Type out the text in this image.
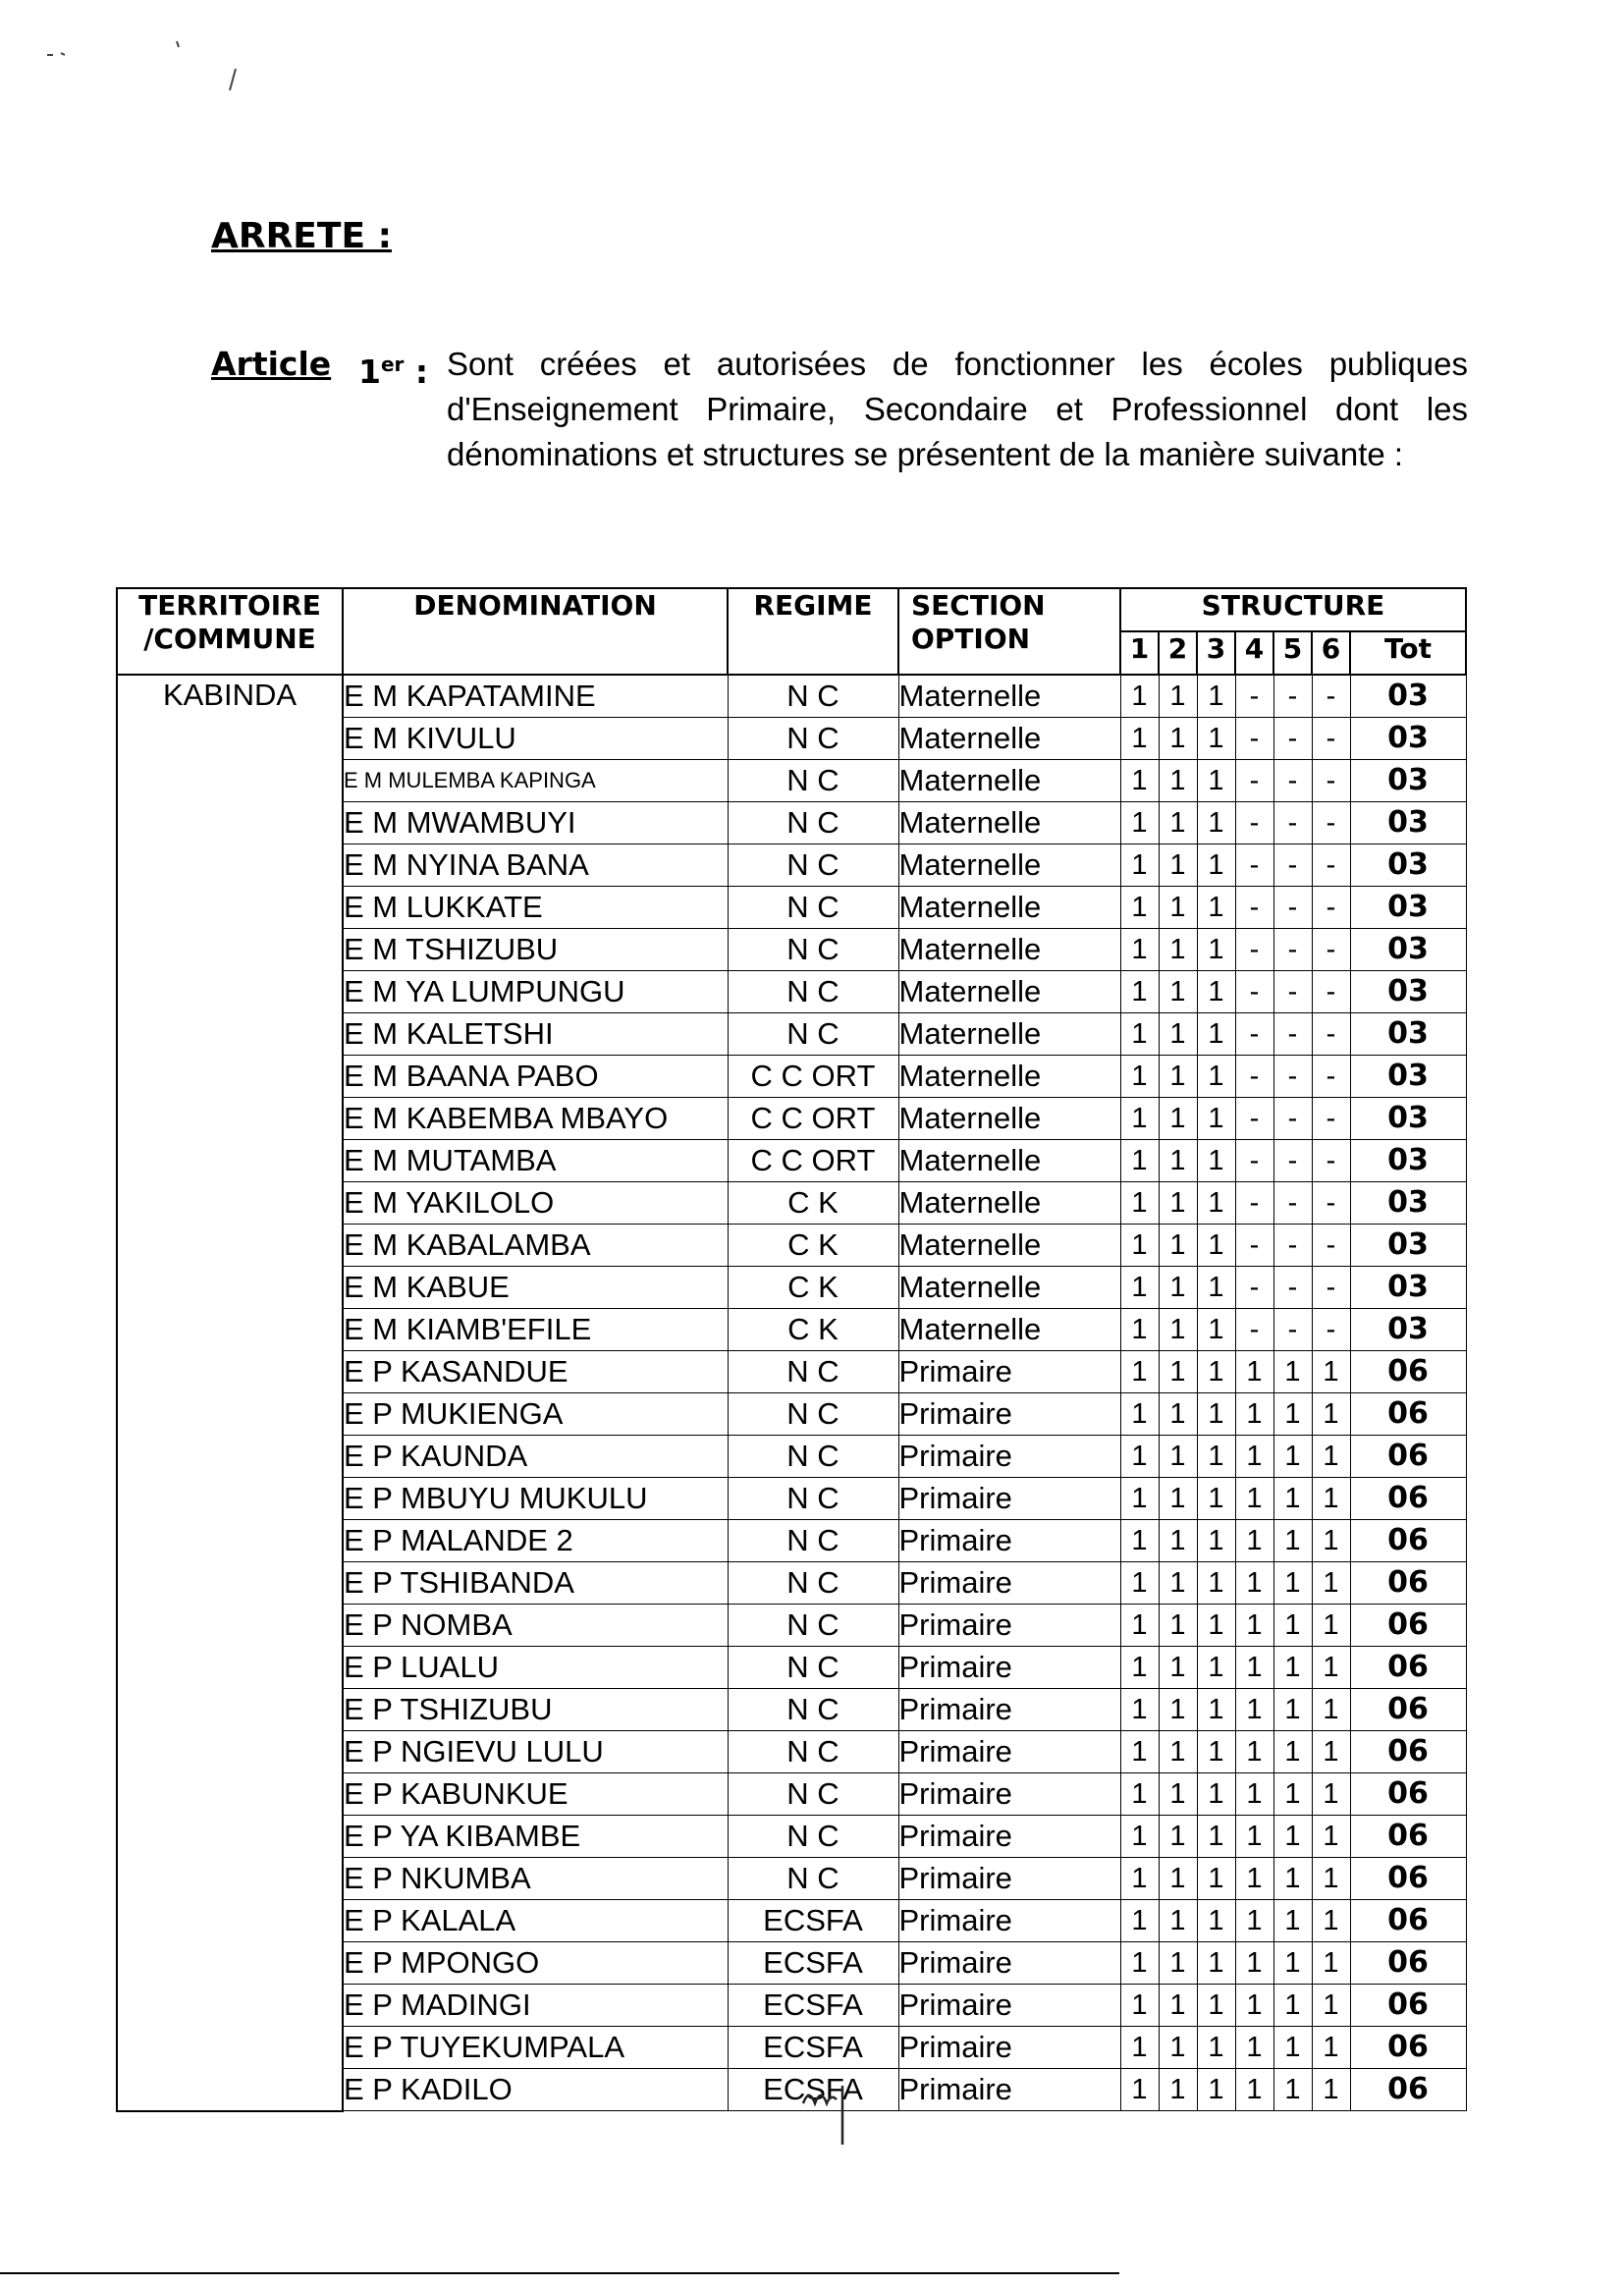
ARRETE :
Article 1er : Sont créées et autorisées de fonctionner les écoles publiques d'Enseignement Primaire, Secondaire et Professionnel dont les dénominations et structures se présentent de la manière suivante :
TERRITOIRE /COMMUNE	DENOMINATION	REGIME	SECTION OPTION	STRUCTURE						
				1	2	3	4	5	6	Tot
KABINDA	E M KAPATAMINE	N C	Maternelle	1	1	1	-	-	-	03
	E M KIVULU	N C	Maternelle	1	1	1	-	-	-	03
	E M MULEMBA KAPINGA	N C	Maternelle	1	1	1	-	-	-	03
	E M MWAMBUYI	N C	Maternelle	1	1	1	-	-	-	03
	E M NYINA BANA	N C	Maternelle	1	1	1	-	-	-	03
	E M LUKKATE	N C	Maternelle	1	1	1	-	-	-	03
	E M TSHIZUBU	N C	Maternelle	1	1	1	-	-	-	03
	E M YA LUMPUNGU	N C	Maternelle	1	1	1	-	-	-	03
	E M KALETSHI	N C	Maternelle	1	1	1	-	-	-	03
	E M BAANA PABO	C C ORT	Maternelle	1	1	1	-	-	-	03
	E M KABEMBA MBAYO	C C ORT	Maternelle	1	1	1	-	-	-	03
	E M MUTAMBA	C C ORT	Maternelle	1	1	1	-	-	-	03
	E M YAKILOLO	C K	Maternelle	1	1	1	-	-	-	03
	E M KABALAMBA	C K	Maternelle	1	1	1	-	-	-	03
	E M KABUE	C K	Maternelle	1	1	1	-	-	-	03
	E M KIAMB'EFILE	C K	Maternelle	1	1	1	-	-	-	03
	E P KASANDUE	N C	Primaire	1	1	1	1	1	1	06
	E P MUKIENGA	N C	Primaire	1	1	1	1	1	1	06
	E P KAUNDA	N C	Primaire	1	1	1	1	1	1	06
	E P MBUYU MUKULU	N C	Primaire	1	1	1	1	1	1	06
	E P MALANDE 2	N C	Primaire	1	1	1	1	1	1	06
	E P TSHIBANDA	N C	Primaire	1	1	1	1	1	1	06
	E P NOMBA	N C	Primaire	1	1	1	1	1	1	06
	E P LUALU	N C	Primaire	1	1	1	1	1	1	06
	E P TSHIZUBU	N C	Primaire	1	1	1	1	1	1	06
	E P NGIEVU LULU	N C	Primaire	1	1	1	1	1	1	06
	E P KABUNKUE	N C	Primaire	1	1	1	1	1	1	06
	E P YA KIBAMBE	N C	Primaire	1	1	1	1	1	1	06
	E P NKUMBA	N C	Primaire	1	1	1	1	1	1	06
	E P KALALA	ECSFA	Primaire	1	1	1	1	1	1	06
	E P MPONGO	ECSFA	Primaire	1	1	1	1	1	1	06
	E P MADINGI	ECSFA	Primaire	1	1	1	1	1	1	06
	E P TUYEKUMPALA	ECSFA	Primaire	1	1	1	1	1	1	06
	E P KADILO	ECSFA	Primaire	1	1	1	1	1	1	06
